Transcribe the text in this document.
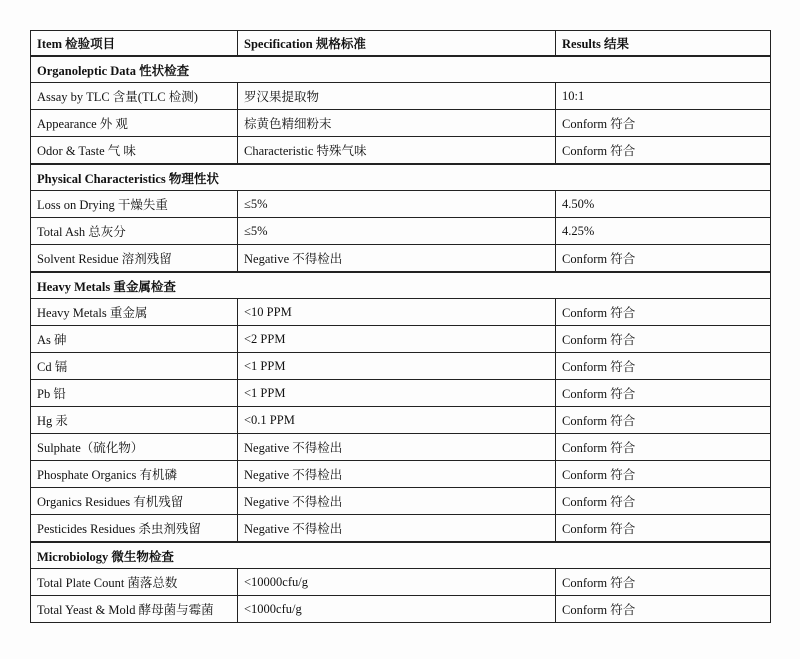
Item 检验项目	Specification 规格标准	Results 结果
Organoleptic Data 性状检查		
Assay by TLC 含量(TLC 检测)	罗汉果提取物	10:1
Appearance 外 观	棕黄色精细粉末	Conform 符合
Odor & Taste 气 味	Characteristic 特殊气味	Conform 符合
Physical Characteristics 物理性状		
Loss on Drying 干燥失重	≤5%	4.50%
Total Ash 总灰分	≤5%	4.25%
Solvent Residue 溶剂残留	Negative 不得检出	Conform 符合
Heavy Metals 重金属检查		
Heavy Metals 重金属	<10 PPM	Conform 符合
As 砷	<2 PPM	Conform 符合
Cd 镉	<1 PPM	Conform 符合
Pb 铅	<1 PPM	Conform 符合
Hg 汞	<0.1 PPM	Conform 符合
Sulphate（硫化物）	Negative 不得检出	Conform 符合
Phosphate Organics 有机磷	Negative 不得检出	Conform 符合
Organics Residues 有机残留	Negative 不得检出	Conform 符合
Pesticides Residues 杀虫剂残留	Negative 不得检出	Conform 符合
Microbiology 微生物检查		
Total Plate Count 菌落总数	<10000cfu/g	Conform 符合
Total Yeast & Mold 酵母菌与霉菌	<1000cfu/g	Conform 符合
